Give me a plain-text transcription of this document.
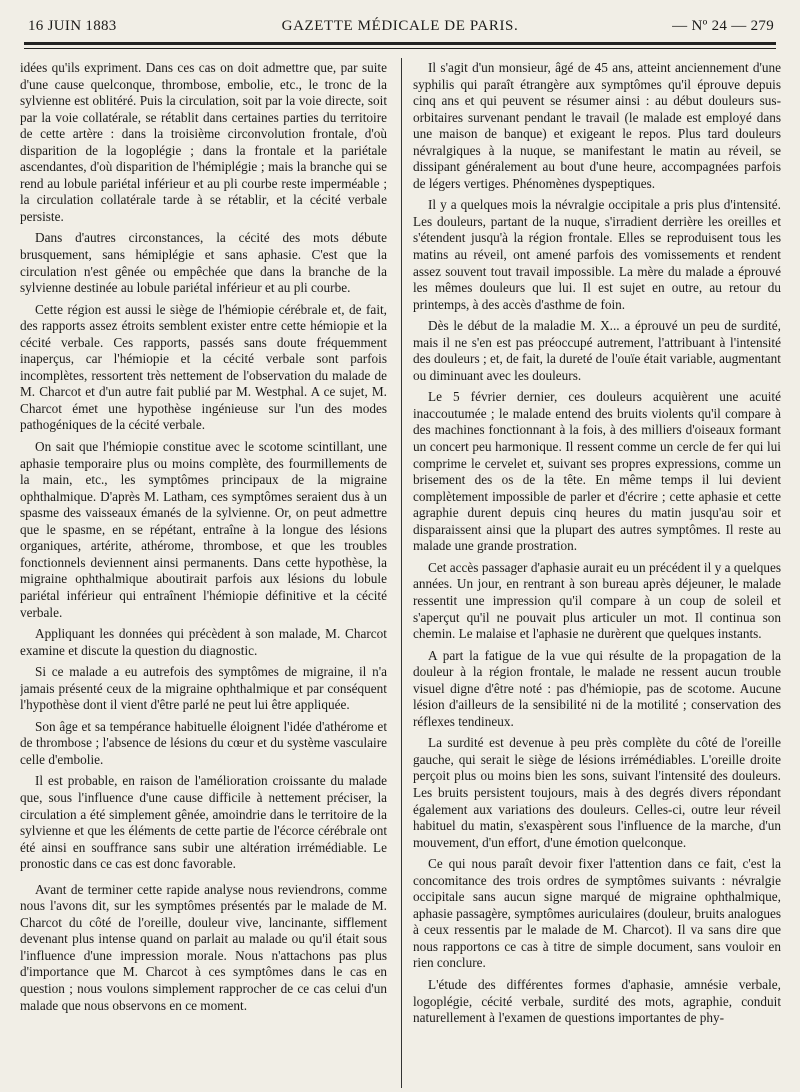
16 JUIN 1883	GAZETTE MÉDICALE DE PARIS.	— Nº 24 — 279

idées qu'ils expriment. Dans ces cas on doit admettre que, par suite d'une cause quelconque, thrombose, embolie, etc., le tronc de la sylvienne est oblitéré. Puis la circulation, soit par la voie directe, soit par la voie collatérale, se rétablit dans certaines parties du territoire de cette artère : dans la troisième circonvolution frontale, d'où disparition de la logoplégie ; dans la frontale et la pariétale ascendantes, d'où disparition de l'hémiplégie ; mais la branche qui se rend au lobule pariétal inférieur et au pli courbe reste imperméable ; la circulation collatérale tarde à se rétablir, et la cécité verbale persiste.

Dans d'autres circonstances, la cécité des mots débute brusquement, sans hémiplégie et sans aphasie. C'est que la circulation n'est gênée ou empêchée que dans la branche de la sylvienne destinée au lobule pariétal inférieur et au pli courbe.

Cette région est aussi le siège de l'hémiopie cérébrale et, de fait, des rapports assez étroits semblent exister entre cette hémiopie et la cécité verbale. Ces rapports, passés sans doute fréquemment inaperçus, car l'hémiopie et la cécité verbale sont parfois incomplètes, ressortent très nettement de l'observation du malade de M. Charcot et d'un autre fait publié par M. Westphal. A ce sujet, M. Charcot émet une hypothèse ingénieuse sur l'un des modes pathogéniques de la cécité verbale.

On sait que l'hémiopie constitue avec le scotome scintillant, une aphasie temporaire plus ou moins complète, des fourmillements de la main, etc., les symptômes principaux de la migraine ophthalmique. D'après M. Latham, ces symptômes seraient dus à un spasme des vaisseaux émanés de la sylvienne. Or, on peut admettre que le spasme, en se répétant, entraîne à la longue des lésions organiques, artérite, athérome, thrombose, et que les troubles fonctionnels deviennent ainsi permanents. Dans cette hypothèse, la migraine ophthalmique aboutirait parfois aux lésions du lobule pariétal inférieur qui entraînent l'hémiopie définitive et la cécité verbale.

Appliquant les données qui précèdent à son malade, M. Charcot examine et discute la question du diagnostic.

Si ce malade a eu autrefois des symptômes de migraine, il n'a jamais présenté ceux de la migraine ophthalmique et par conséquent l'hypothèse dont il vient d'être parlé ne peut lui être appliquée.

Son âge et sa tempérance habituelle éloignent l'idée d'athérome et de thrombose ; l'absence de lésions du cœur et du système vasculaire celle d'embolie.

Il est probable, en raison de l'amélioration croissante du malade que, sous l'influence d'une cause difficile à nettement préciser, la circulation a été simplement gênée, amoindrie dans le territoire de la sylvienne et que les éléments de cette partie de l'écorce cérébrale ont été ainsi en souffrance sans subir une altération irrémédiable. Le pronostic dans ce cas est donc favorable.

Avant de terminer cette rapide analyse nous reviendrons, comme nous l'avons dit, sur les symptômes présentés par le malade de M. Charcot du côté de l'oreille, douleur vive, lancinante, sifflement devenant plus intense quand on parlait au malade ou qu'il était sous l'influence d'une impression morale. Nous n'attachons pas plus d'importance que M. Charcot à ces symptômes dans le cas en question ; nous voulons simplement rapprocher de ce cas celui d'un malade que nous observons en ce moment.

Il s'agit d'un monsieur, âgé de 45 ans, atteint anciennement d'une syphilis qui paraît étrangère aux symptômes qu'il éprouve depuis cinq ans et qui peuvent se résumer ainsi : au début douleurs sus-orbitaires survenant pendant le travail (le malade est employé dans une maison de banque) et exigeant le repos. Plus tard douleurs névralgiques à la nuque, se manifestant le matin au réveil, se dissipant généralement au bout d'une heure, accompagnées parfois de légers vertiges. Phénomènes dyspeptiques.

Il y a quelques mois la névralgie occipitale a pris plus d'intensité. Les douleurs, partant de la nuque, s'irradient derrière les oreilles et s'étendent jusqu'à la région frontale. Elles se reproduisent tous les matins au réveil, ont amené parfois des vomissements et rendent assez souvent tout travail impossible. La mère du malade a éprouvé les mêmes douleurs que lui. Il est sujet en outre, au retour du printemps, à des accès d'asthme de foin.

Dès le début de la maladie M. X... a éprouvé un peu de surdité, mais il ne s'en est pas préoccupé autrement, l'attribuant à l'intensité des douleurs ; et, de fait, la dureté de l'ouïe était variable, augmentant ou diminuant avec les douleurs.

Le 5 février dernier, ces douleurs acquièrent une acuité inaccoutumée ; le malade entend des bruits violents qu'il compare à des machines fonctionnant à la fois, à des milliers d'oiseaux formant un concert peu harmonique. Il ressent comme un cercle de fer qui lui comprime le cervelet et, suivant ses propres expressions, comme un brisement des os de la tête. En même temps il lui devient complètement impossible de parler et d'écrire ; cette aphasie et cette agraphie durent depuis cinq heures du matin jusqu'au soir et disparaissent ainsi que la plupart des autres symptômes. Il reste au malade une grande prostration.

Cet accès passager d'aphasie aurait eu un précédent il y a quelques années. Un jour, en rentrant à son bureau après déjeuner, le malade ressentit une impression qu'il compare à un coup de soleil et s'aperçut qu'il ne pouvait plus articuler un mot. Il continua son chemin. Le malaise et l'aphasie ne durèrent que quelques instants.

A part la fatigue de la vue qui résulte de la propagation de la douleur à la région frontale, le malade ne ressent aucun trouble visuel digne d'être noté : pas d'hémiopie, pas de scotome. Aucune lésion d'ailleurs de la sensibilité ni de la motilité ; conservation des réflexes tendineux.

La surdité est devenue à peu près complète du côté de l'oreille gauche, qui serait le siège de lésions irrémédiables. L'oreille droite perçoit plus ou moins bien les sons, suivant l'intensité des douleurs. Les bruits persistent toujours, mais à des degrés divers répondant également aux variations des douleurs. Celles-ci, outre leur réveil habituel du matin, s'exaspèrent sous l'influence de la marche, d'un mouvement, d'un effort, d'une émotion quelconque.

Ce qui nous paraît devoir fixer l'attention dans ce fait, c'est la concomitance des trois ordres de symptômes suivants : névralgie occipitale sans aucun signe marqué de migraine ophthalmique, aphasie passagère, symptômes auriculaires (douleur, bruits analogues à ceux ressentis par le malade de M. Charcot). Il va sans dire que nous rapportons ce cas à titre de simple document, sans vouloir en rien conclure.

L'étude des différentes formes d'aphasie, amnésie verbale, logoplégie, cécité verbale, surdité des mots, agraphie, conduit naturellement à l'examen de questions importantes de phy-
